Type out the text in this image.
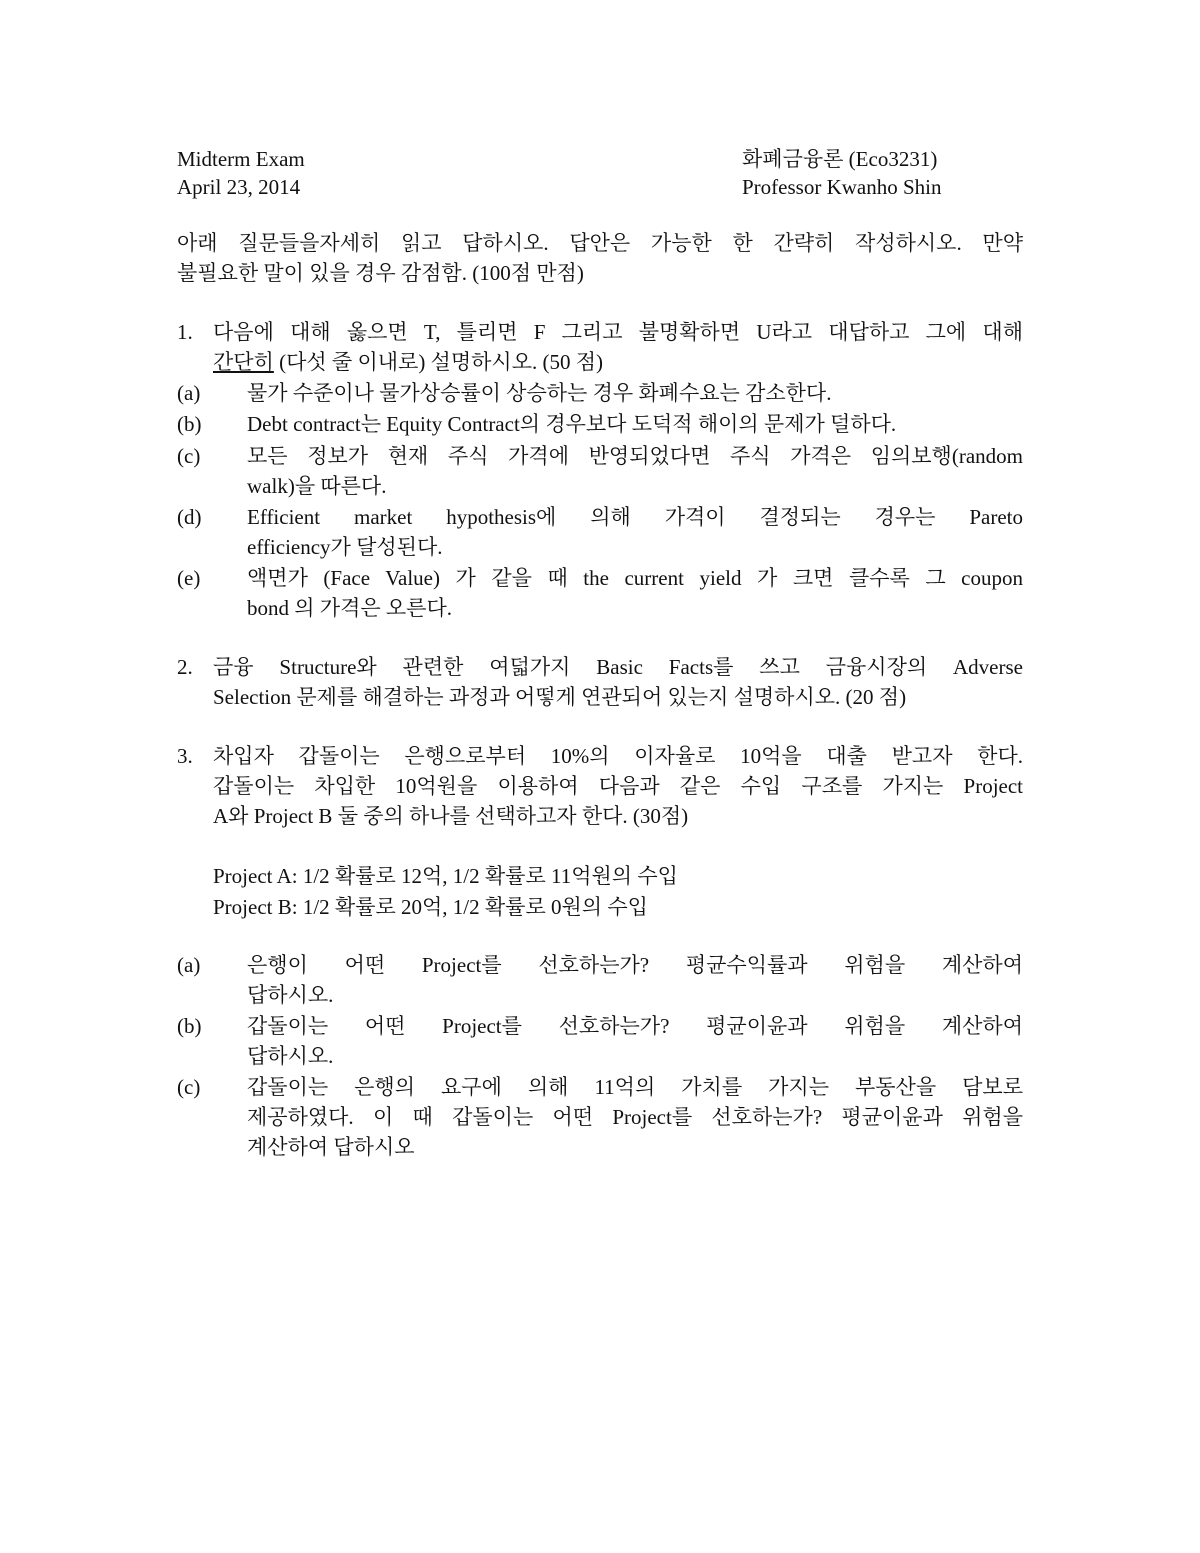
Midterm Exam
April 23, 2014
화폐금융론 (Eco3231)
Professor Kwanho Shin
아래 질문들을자세히 읽고 답하시오. 답안은 가능한 한 간략히 작성하시오. 만약
불필요한 말이 있을 경우 감점함. (100점 만점)
1. 다음에 대해 옳으면 T, 틀리면 F 그리고 불명확하면 U라고 대답하고 그에 대해
간단히 (다섯 줄 이내로) 설명하시오. (50 점)
(a) 물가 수준이나 물가상승률이 상승하는 경우 화폐수요는 감소한다.
(b) Debt contract는 Equity Contract의 경우보다 도덕적 해이의 문제가 덜하다.
(c) 모든 정보가 현재 주식 가격에 반영되었다면 주식 가격은 임의보행(random
walk)을 따른다.
(d) Efficient market hypothesis에 의해 가격이 결정되는 경우는 Pareto
efficiency가 달성된다.
(e) 액면가 (Face Value) 가 같을 때 the current yield 가 크면 클수록 그 coupon
bond 의 가격은 오른다.
2. 금융 Structure와 관련한 여덟가지 Basic Facts를 쓰고 금융시장의 Adverse
Selection 문제를 해결하는 과정과 어떻게 연관되어 있는지 설명하시오. (20 점)
3. 차입자 갑돌이는 은행으로부터 10%의 이자율로 10억을 대출 받고자 한다.
갑돌이는 차입한 10억원을 이용하여 다음과 같은 수입 구조를 가지는 Project
A와 Project B 둘 중의 하나를 선택하고자 한다. (30점)
Project A: 1/2 확률로 12억, 1/2 확률로 11억원의 수입
Project B: 1/2 확률로 20억, 1/2 확률로 0원의 수입
(a) 은행이 어떤 Project를 선호하는가? 평균수익률과 위험을 계산하여
답하시오.
(b) 갑돌이는 어떤 Project를 선호하는가? 평균이윤과 위험을 계산하여
답하시오.
(c) 갑돌이는 은행의 요구에 의해 11억의 가치를 가지는 부동산을 담보로
제공하였다. 이 때 갑돌이는 어떤 Project를 선호하는가? 평균이윤과 위험을
계산하여 답하시오
